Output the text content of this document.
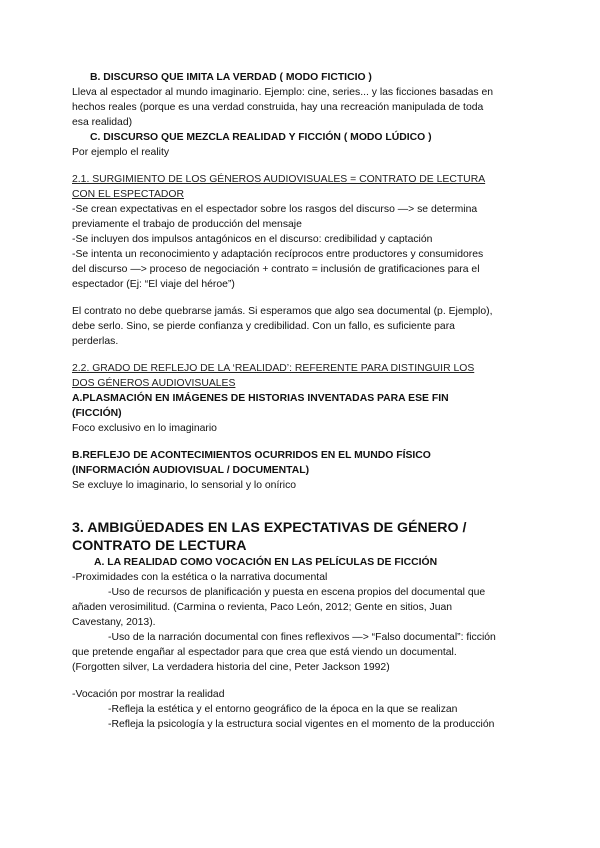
B. DISCURSO QUE IMITA LA VERDAD ( MODO FICTICIO )

Lleva al espectador al mundo imaginario. Ejemplo: cine, series... y las ficciones basadas en

hechos reales (porque es una verdad construida, hay una recreación manipulada de toda

esa realidad)

C. DISCURSO QUE MEZCLA REALIDAD Y FICCIÓN ( MODO LÚDICO )

Por ejemplo el reality

2.1. SURGIMIENTO DE LOS GÉNEROS AUDIOVISUALES = CONTRATO DE LECTURA

CON EL ESPECTADOR

-Se crean expectativas en el espectador sobre los rasgos del discurso —> se determina

previamente el trabajo de producción del mensaje

-Se incluyen dos impulsos antagónicos en el discurso: credibilidad y captación

-Se intenta un reconocimiento y adaptación recíprocos entre productores y consumidores

del discurso —> proceso de negociación + contrato = inclusión de gratificaciones para el

espectador (Ej: “El viaje del héroe”)

El contrato no debe quebrarse jamás. Si esperamos que algo sea documental (p. Ejemplo),

debe serlo. Sino, se pierde confianza y credibilidad. Con un fallo, es suficiente para

perderlas.

2.2. GRADO DE REFLEJO DE LA ‘REALIDAD’: REFERENTE PARA DISTINGUIR LOS

DOS GÉNEROS AUDIOVISUALES

A.PLASMACIÓN EN IMÁGENES DE HISTORIAS INVENTADAS PARA ESE FIN

(FICCIÓN)

Foco exclusivo en lo imaginario

B.REFLEJO DE ACONTECIMIENTOS OCURRIDOS EN EL MUNDO FÍSICO

(INFORMACIÓN AUDIOVISUAL / DOCUMENTAL)

Se excluye lo imaginario, lo sensorial y lo onírico

3. AMBIGÜEDADES EN LAS EXPECTATIVAS DE GÉNERO /

CONTRATO DE LECTURA

A. LA REALIDAD COMO VOCACIÓN EN LAS PELÍCULAS DE FICCIÓN

-Proximidades con la estética o la narrativa documental

-Uso de recursos de planificación y puesta en escena propios del documental que

añaden verosimilitud. (Carmina o revienta, Paco León, 2012; Gente en sitios, Juan

Cavestany, 2013).

-Uso de la narración documental con fines reflexivos —> “Falso documental”: ficción

que pretende engañar al espectador para que crea que está viendo un documental.

(Forgotten silver, La verdadera historia del cine, Peter Jackson 1992)

-Vocación por mostrar la realidad

-Refleja la estética y el entorno geográfico de la época en la que se realizan

-Refleja la psicología y la estructura social vigentes en el momento de la producción
